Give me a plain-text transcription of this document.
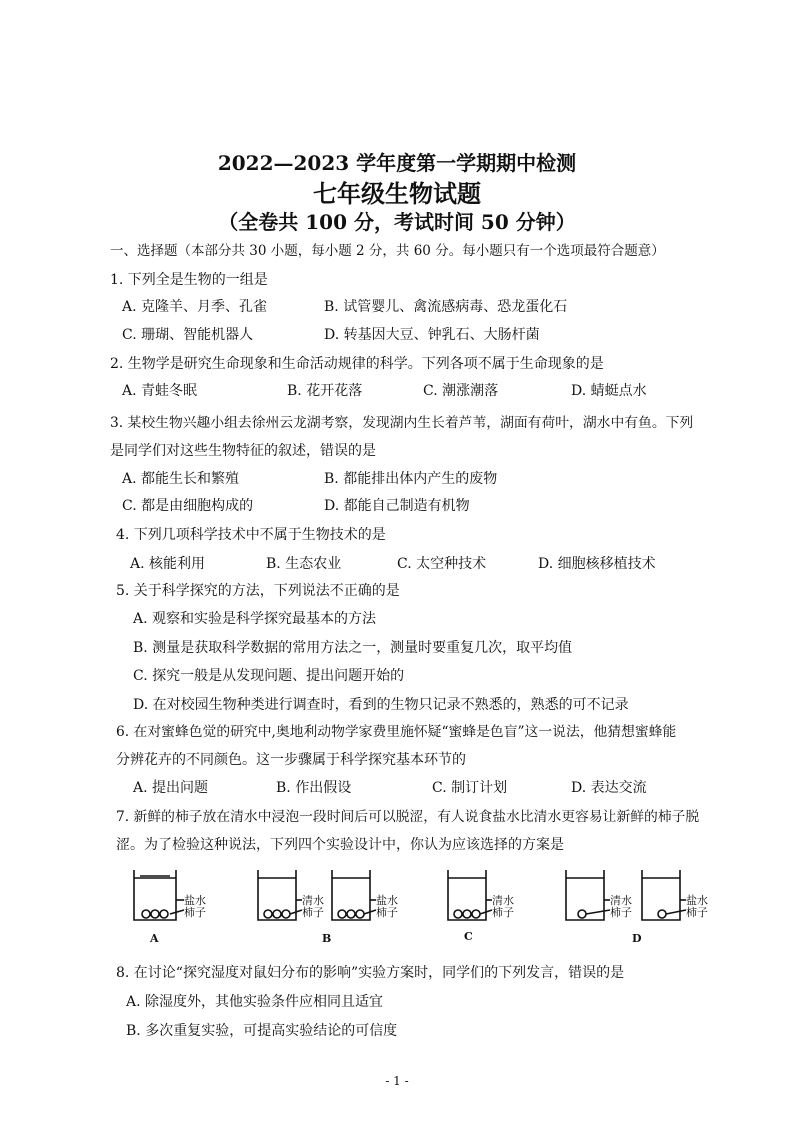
2022—2023 学年度第一学期期中检测
七年级生物试题
（全卷共 100 分，考试时间 50 分钟）
一、选择题（本部分共 30 小题，每小题 2 分，共 60 分。每小题只有一个选项最符合题意）
1. 下列全是生物的一组是
A. 克隆羊、月季、孔雀	B. 试管婴儿、禽流感病毒、恐龙蛋化石
C. 珊瑚、智能机器人	D. 转基因大豆、钟乳石、大肠杆菌
2. 生物学是研究生命现象和生命活动规律的科学。下列各项不属于生命现象的是
A. 青蛙冬眠	B. 花开花落	C. 潮涨潮落	D. 蜻蜓点水
3. 某校生物兴趣小组去徐州云龙湖考察，发现湖内生长着芦苇，湖面有荷叶，湖水中有鱼。下列
是同学们对这些生物特征的叙述，错误的是
A. 都能生长和繁殖	B. 都能排出体内产生的废物
C. 都是由细胞构成的	D. 都能自己制造有机物
4. 下列几项科学技术中不属于生物技术的是
A. 核能利用	B. 生态农业	C. 太空种技术	D. 细胞核移植技术
5. 关于科学探究的方法，下列说法不正确的是
A. 观察和实验是科学探究最基本的方法
B. 测量是获取科学数据的常用方法之一，测量时要重复几次，取平均值
C. 探究一般是从发现问题、提出问题开始的
D. 在对校园生物种类进行调查时，看到的生物只记录不熟悉的，熟悉的可不记录
6. 在对蜜蜂色觉的研究中,奥地利动物学家费里施怀疑“蜜蜂是色盲”这一说法，他猜想蜜蜂能
分辨花卉的不同颜色。这一步骤属于科学探究基本环节的
A. 提出问题	B. 作出假设	C. 制订计划	D. 表达交流
7. 新鲜的柿子放在清水中浸泡一段时间后可以脱涩，有人说食盐水比清水更容易让新鲜的柿子脱
涩。为了检验这种说法，下列四个实验设计中，你认为应该选择的方案是
盐水
柿子
A
清水
柿子
盐水
柿子
B
清水
柿子
C
清水
柿子
盐水
柿子
D
8. 在讨论“探究湿度对鼠妇分布的影响”实验方案时，同学们的下列发言，错误的是
A. 除湿度外，其他实验条件应相同且适宜
B. 多次重复实验，可提高实验结论的可信度
- 1 -
